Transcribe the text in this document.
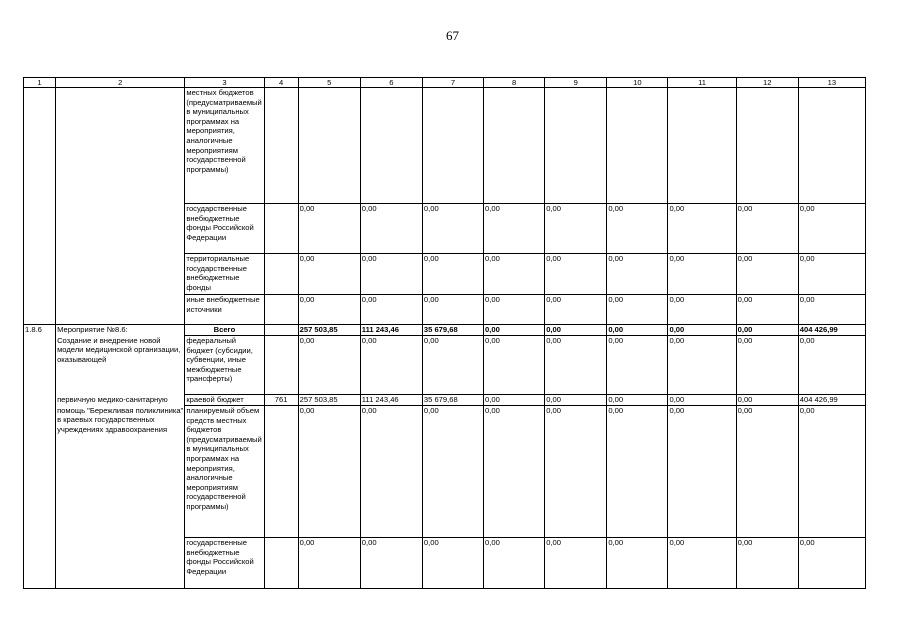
67
1	2	3	4	5	6	7	8	9	10	11	12	13
		местных бюджетов (предусматриваемый в муниципальных программах на мероприятия, аналогичные мероприятиям государственной программы)										
		государственные внебюджетные фонды Российской Федерации		0,00	0,00	0,00	0,00	0,00	0,00	0,00	0,00	0,00
		территориальные государственные внебюджетные фонды		0,00	0,00	0,00	0,00	0,00	0,00	0,00	0,00	0,00
		иные внебюджетные источники		0,00	0,00	0,00	0,00	0,00	0,00	0,00	0,00	0,00
1.8.6	Мероприятие №8.6:	Всего		257 503,85	111 243,46	35 679,68	0,00	0,00	0,00	0,00	0,00	404 426,99
	Создание и внедрение новой модели медицинской организации, оказывающей	федеральный бюджет (субсидии, субвенции, иные межбюджетные трансферты)		0,00	0,00	0,00	0,00	0,00	0,00	0,00	0,00	0,00
	первичную медико-санитарную	краевой бюджет	761	257 503,85	111 243,46	35 679,68	0,00	0,00	0,00	0,00	0,00	404 426,99
	помощь "Бережливая поликлиника" в краевых государственных учреждениях здравоохранения	планируемый объем средств местных бюджетов (предусматриваемый в муниципальных программах на мероприятия, аналогичные мероприятиям государственной программы)		0,00	0,00	0,00	0,00	0,00	0,00	0,00	0,00	0,00
		государственные внебюджетные фонды Российской Федерации		0,00	0,00	0,00	0,00	0,00	0,00	0,00	0,00	0,00
